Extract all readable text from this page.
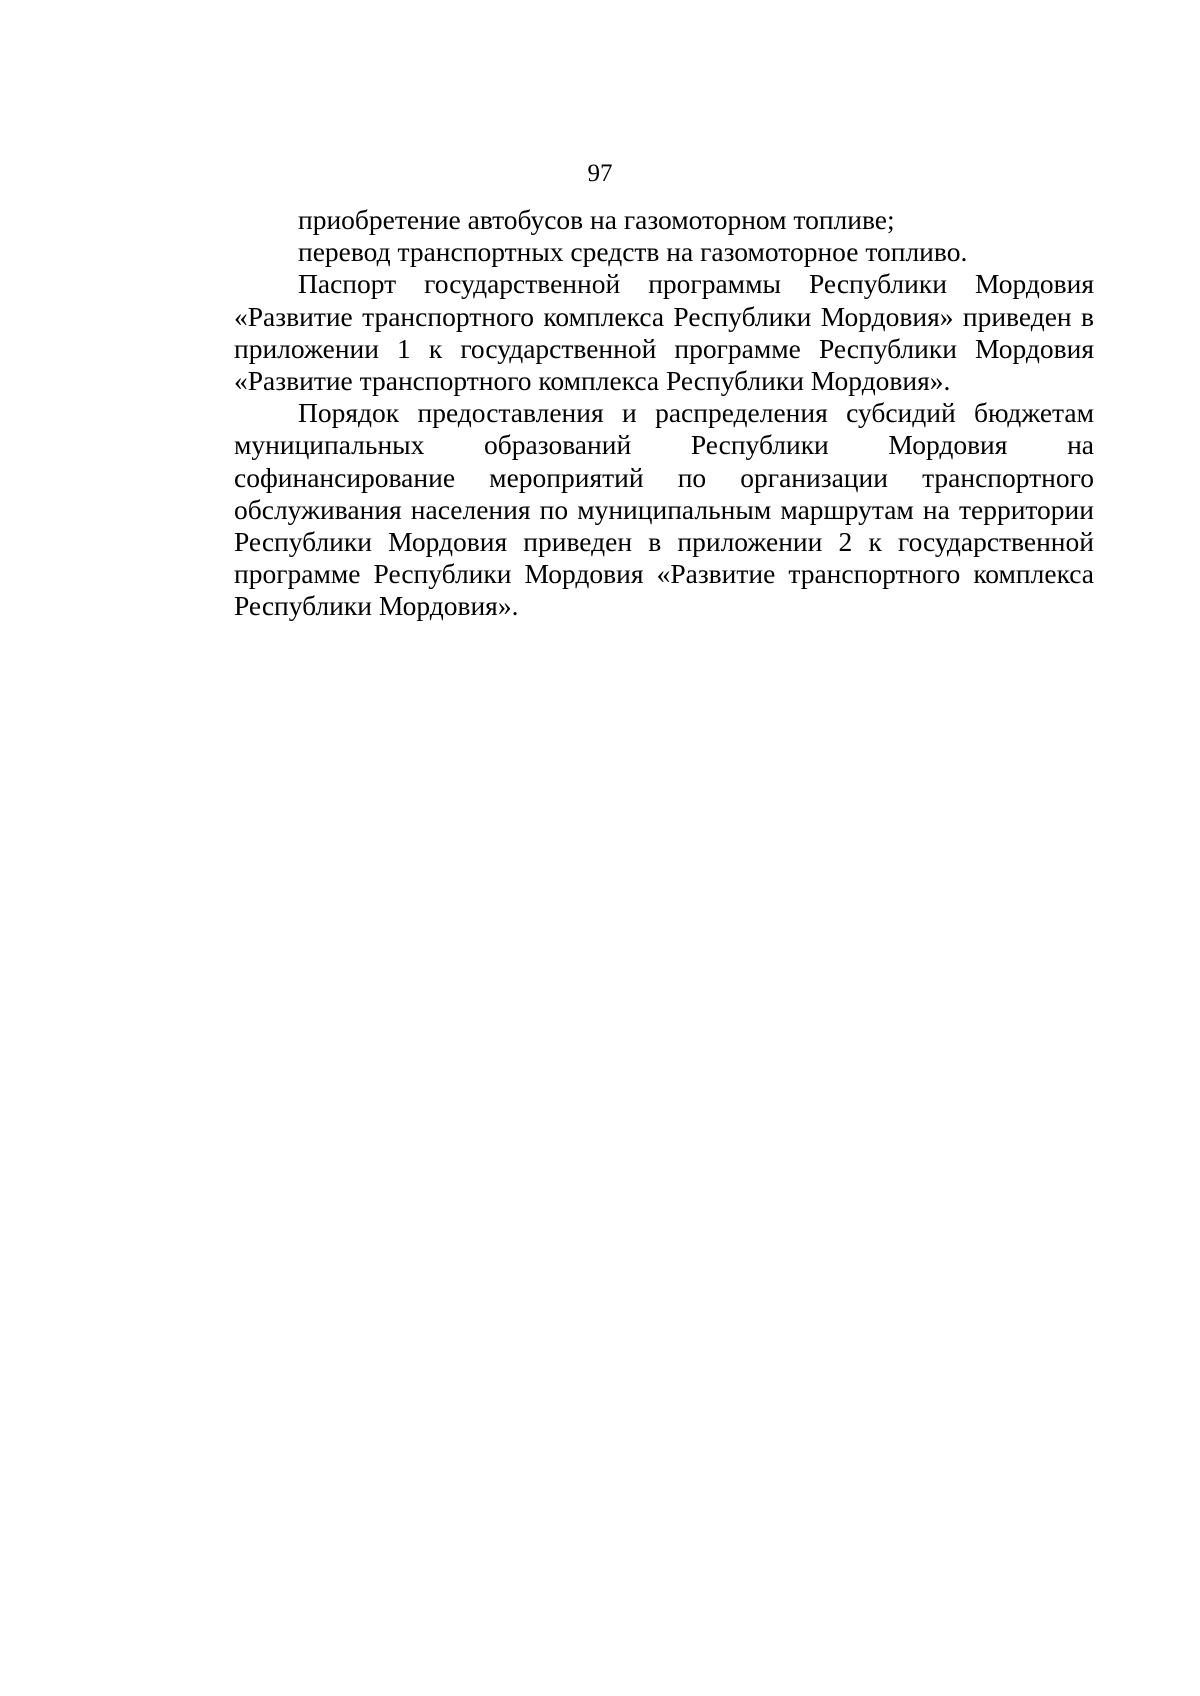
97

приобретение автобусов на газомоторном топливе;

перевод транспортных средств на газомоторное топливо.

Паспорт государственной программы Республики Мордовия «Развитие транспортного комплекса Республики Мордовия» приведен в приложении 1 к государственной программе Республики Мордовия «Развитие транспортного комплекса Республики Мордовия».

Порядок предоставления и распределения субсидий бюджетам муниципальных образований Республики Мордовия на софинансирование мероприятий по организации транспортного обслуживания населения по муниципальным маршрутам на территории Республики Мордовия приведен в приложении 2 к государственной программе Республики Мордовия «Развитие транспортного комплекса Республики Мордовия».
